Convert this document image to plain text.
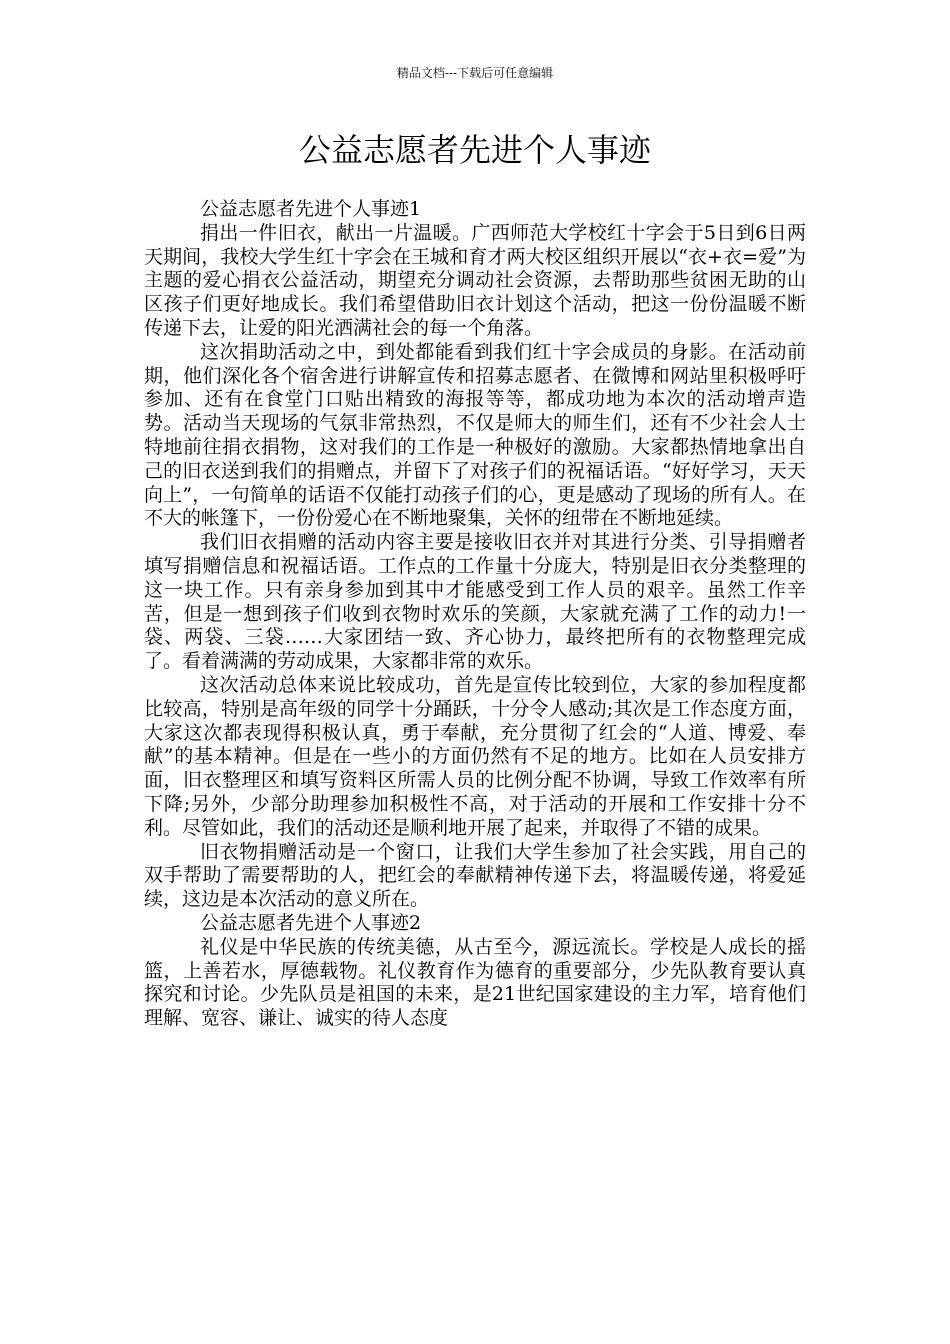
精品文档---下载后可任意编辑
公益志愿者先进个人事迹

公益志愿者先进个人事迹1

捐出一件旧衣，献出一片温暖。广西师范大学校红十字会于5日到6日两天期间，我校大学生红十字会在王城和育才两大校区组织开展以“衣+衣=爱”为主题的爱心捐衣公益活动，期望充分调动社会资源，去帮助那些贫困无助的山区孩子们更好地成长。我们希望借助旧衣计划这个活动，把这一份份温暖不断传递下去，让爱的阳光洒满社会的每一个角落。

这次捐助活动之中，到处都能看到我们红十字会成员的身影。在活动前期，他们深化各个宿舍进行讲解宣传和招募志愿者、在微博和网站里积极呼吁参加、还有在食堂门口贴出精致的海报等等，都成功地为本次的活动增声造势。活动当天现场的气氛非常热烈，不仅是师大的师生们，还有不少社会人士特地前往捐衣捐物，这对我们的工作是一种极好的激励。大家都热情地拿出自己的旧衣送到我们的捐赠点，并留下了对孩子们的祝福话语。“好好学习，天天向上”，一句简单的话语不仅能打动孩子们的心，更是感动了现场的所有人。在不大的帐篷下，一份份爱心在不断地聚集，关怀的纽带在不断地延续。

我们旧衣捐赠的活动内容主要是接收旧衣并对其进行分类、引导捐赠者填写捐赠信息和祝福话语。工作点的工作量十分庞大，特别是旧衣分类整理的这一块工作。只有亲身参加到其中才能感受到工作人员的艰辛。虽然工作辛苦，但是一想到孩子们收到衣物时欢乐的笑颜，大家就充满了工作的动力!一袋、两袋、三袋……大家团结一致、齐心协力，最终把所有的衣物整理完成了。看着满满的劳动成果，大家都非常的欢乐。

这次活动总体来说比较成功，首先是宣传比较到位，大家的参加程度都比较高，特别是高年级的同学十分踊跃，十分令人感动;其次是工作态度方面，大家这次都表现得积极认真，勇于奉献，充分贯彻了红会的“人道、博爱、奉献”的基本精神。但是在一些小的方面仍然有不足的地方。比如在人员安排方面，旧衣整理区和填写资料区所需人员的比例分配不协调，导致工作效率有所下降;另外，少部分助理参加积极性不高，对于活动的开展和工作安排十分不利。尽管如此，我们的活动还是顺利地开展了起来，并取得了不错的成果。

旧衣物捐赠活动是一个窗口，让我们大学生参加了社会实践，用自己的双手帮助了需要帮助的人，把红会的奉献精神传递下去，将温暖传递，将爱延续，这边是本次活动的意义所在。

公益志愿者先进个人事迹2

礼仪是中华民族的传统美德，从古至今，源远流长。学校是人成长的摇篮，上善若水，厚德载物。礼仪教育作为德育的重要部分，少先队教育要认真探究和讨论。少先队员是祖国的未来，是21世纪国家建设的主力军，培育他们理解、宽容、谦让、诚实的待人态度
